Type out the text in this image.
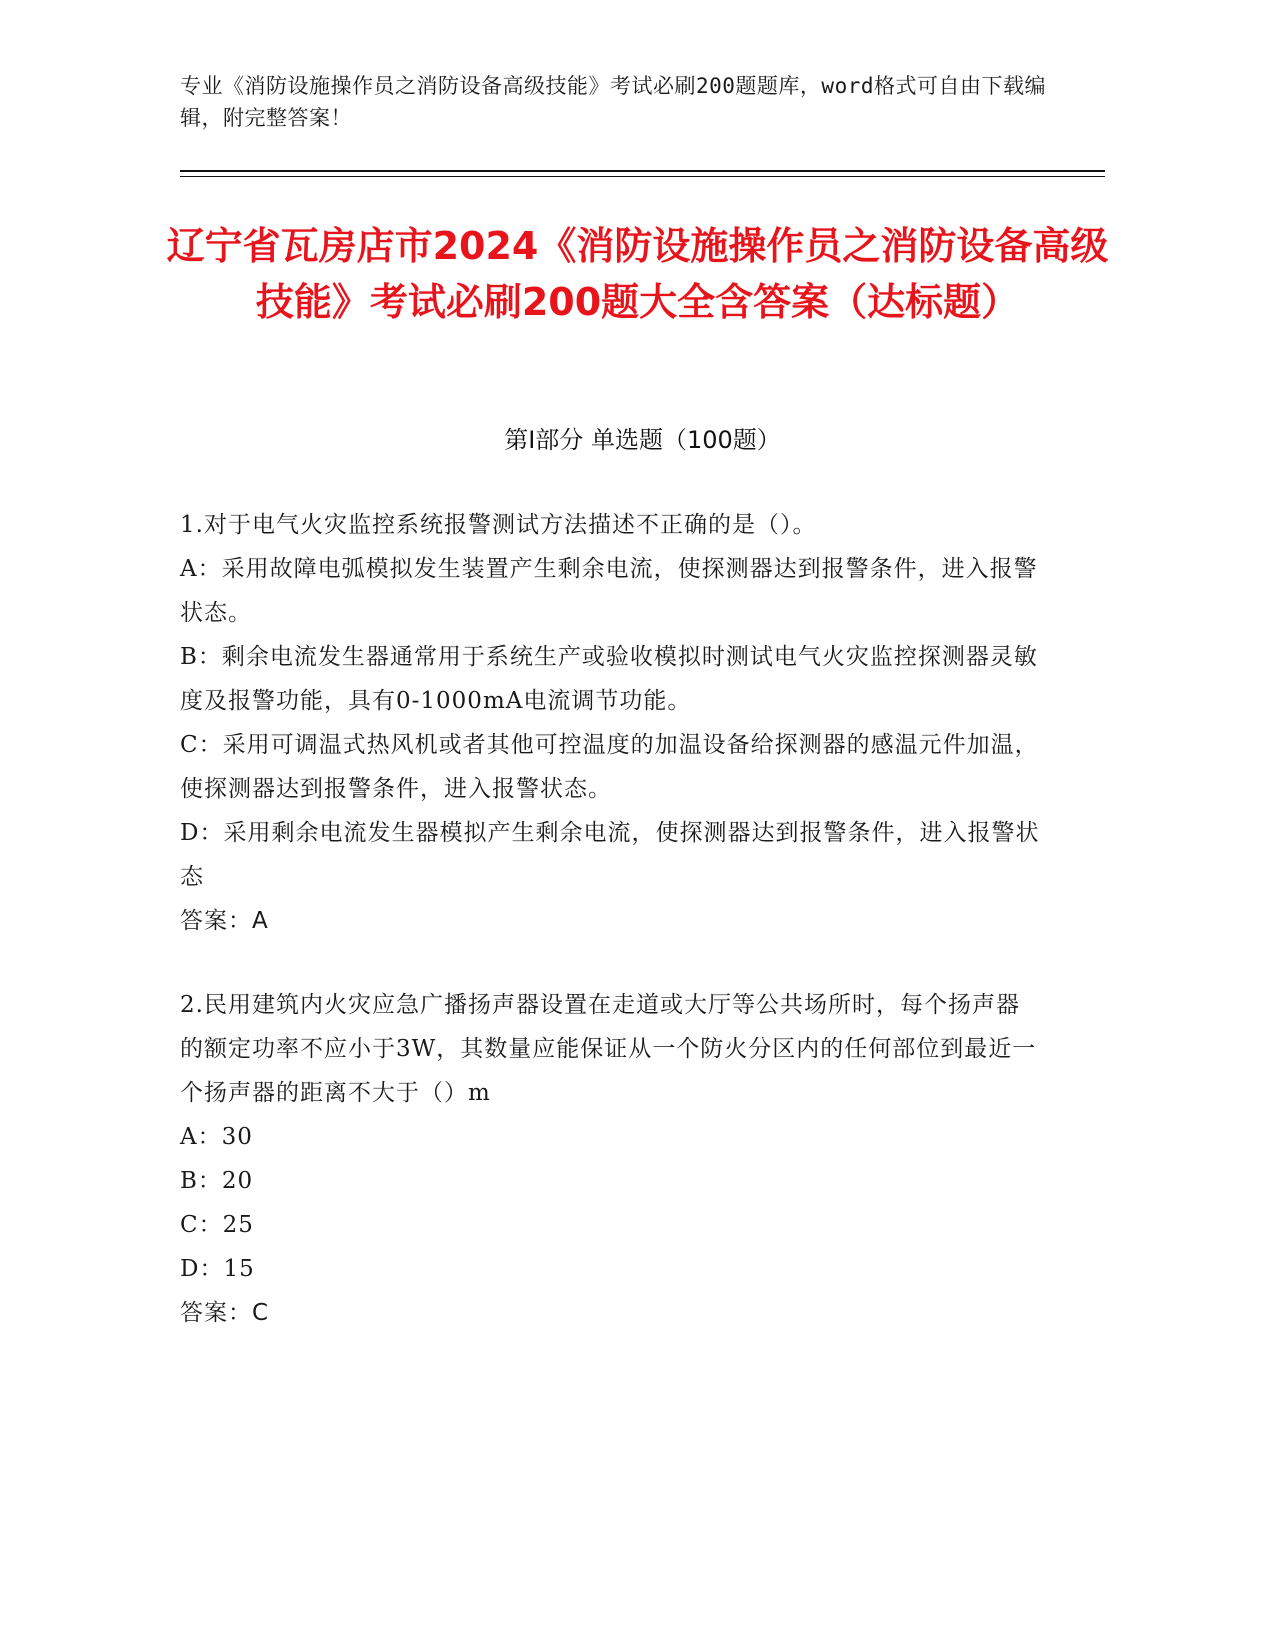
专业《消防设施操作员之消防设备高级技能》考试必刷200题题库，word格式可自由下载编辑，附完整答案！
辽宁省瓦房店市2024《消防设施操作员之消防设备高级技能》考试必刷200题大全含答案（达标题）
第I部分 单选题（100题）

1.对于电气火灾监控系统报警测试方法描述不正确的是（）。

A：采用故障电弧模拟发生装置产生剩余电流，使探测器达到报警条件，进入报警状态。

B：剩余电流发生器通常用于系统生产或验收模拟时测试电气火灾监控探测器灵敏度及报警功能，具有0-1000mA电流调节功能。

C：采用可调温式热风机或者其他可控温度的加温设备给探测器的感温元件加温，使探测器达到报警条件，进入报警状态。

D：采用剩余电流发生器模拟产生剩余电流，使探测器达到报警条件，进入报警状态

答案：A

2.民用建筑内火灾应急广播扬声器设置在走道或大厅等公共场所时，每个扬声器的额定功率不应小于3W，其数量应能保证从一个防火分区内的任何部位到最近一个扬声器的距离不大于（）m

A：30

B：20

C：25

D：15

答案：C
